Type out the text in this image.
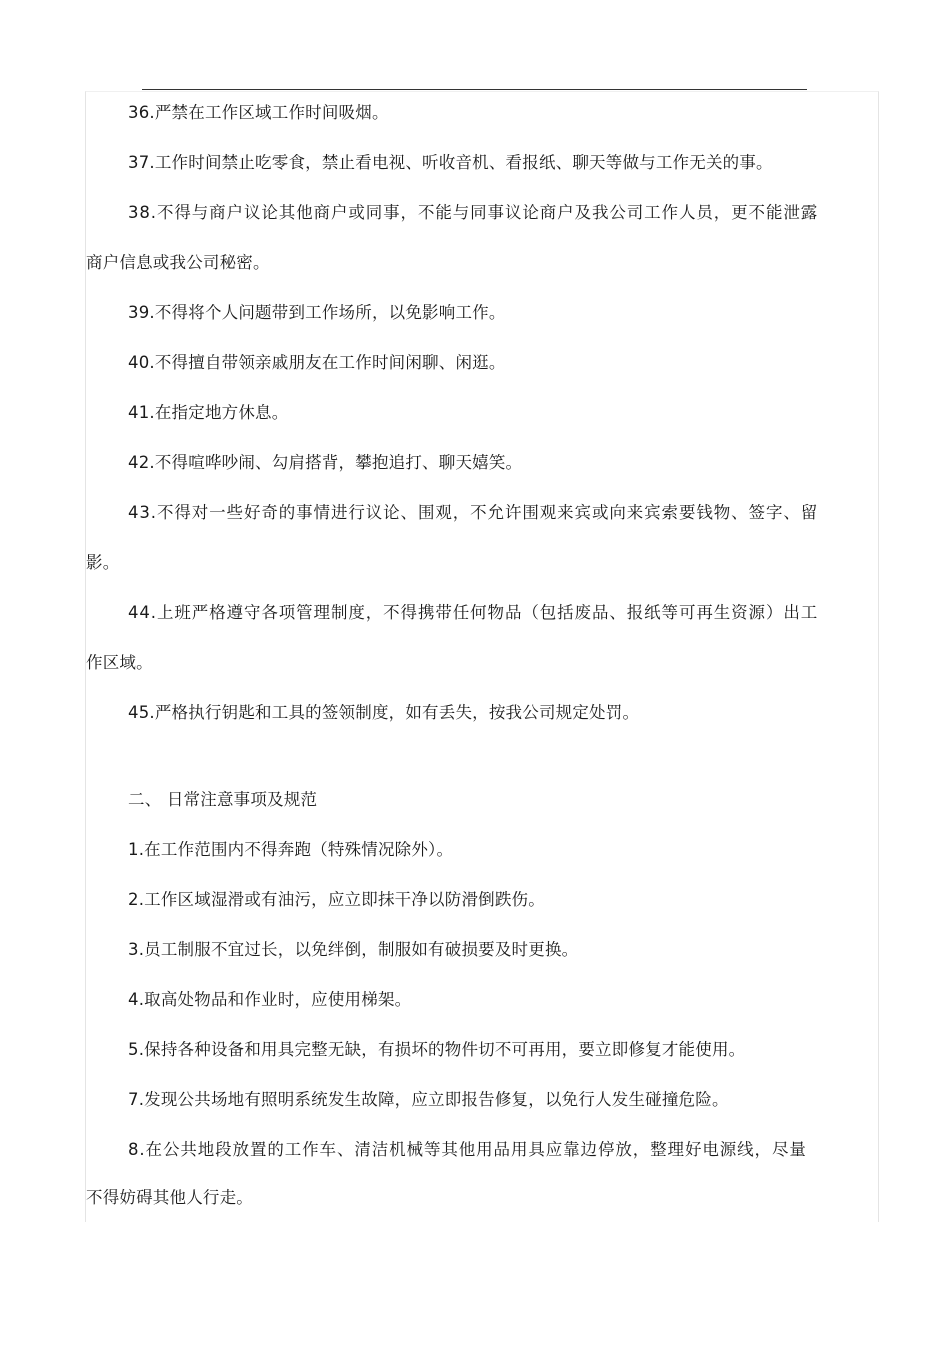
36.严禁在工作区域工作时间吸烟。
37.工作时间禁止吃零食，禁止看电视、听收音机、看报纸、聊天等做与工作无关的事。
38.不得与商户议论其他商户或同事，不能与同事议论商户及我公司工作人员，更不能泄露
商户信息或我公司秘密。
39.不得将个人问题带到工作场所，以免影响工作。
40.不得擅自带领亲戚朋友在工作时间闲聊、闲逛。
41.在指定地方休息。
42.不得喧哗吵闹、勾肩搭背，攀抱追打、聊天嬉笑。
43.不得对一些好奇的事情进行议论、围观，不允许围观来宾或向来宾索要钱物、签字、留
影。
44.上班严格遵守各项管理制度，不得携带任何物品（包括废品、报纸等可再生资源）出工
作区域。
45.严格执行钥匙和工具的签领制度，如有丢失，按我公司规定处罚。
二、 日常注意事项及规范
1.在工作范围内不得奔跑（特殊情况除外）。
2.工作区域湿滑或有油污，应立即抹干净以防滑倒跌伤。
3.员工制服不宜过长，以免绊倒，制服如有破损要及时更换。
4.取高处物品和作业时，应使用梯架。
5.保持各种设备和用具完整无缺，有损坏的物件切不可再用，要立即修复才能使用。
7.发现公共场地有照明系统发生故障，应立即报告修复，以免行人发生碰撞危险。
8.在公共地段放置的工作车、清洁机械等其他用品用具应靠边停放，整理好电源线，尽量
不得妨碍其他人行走。
